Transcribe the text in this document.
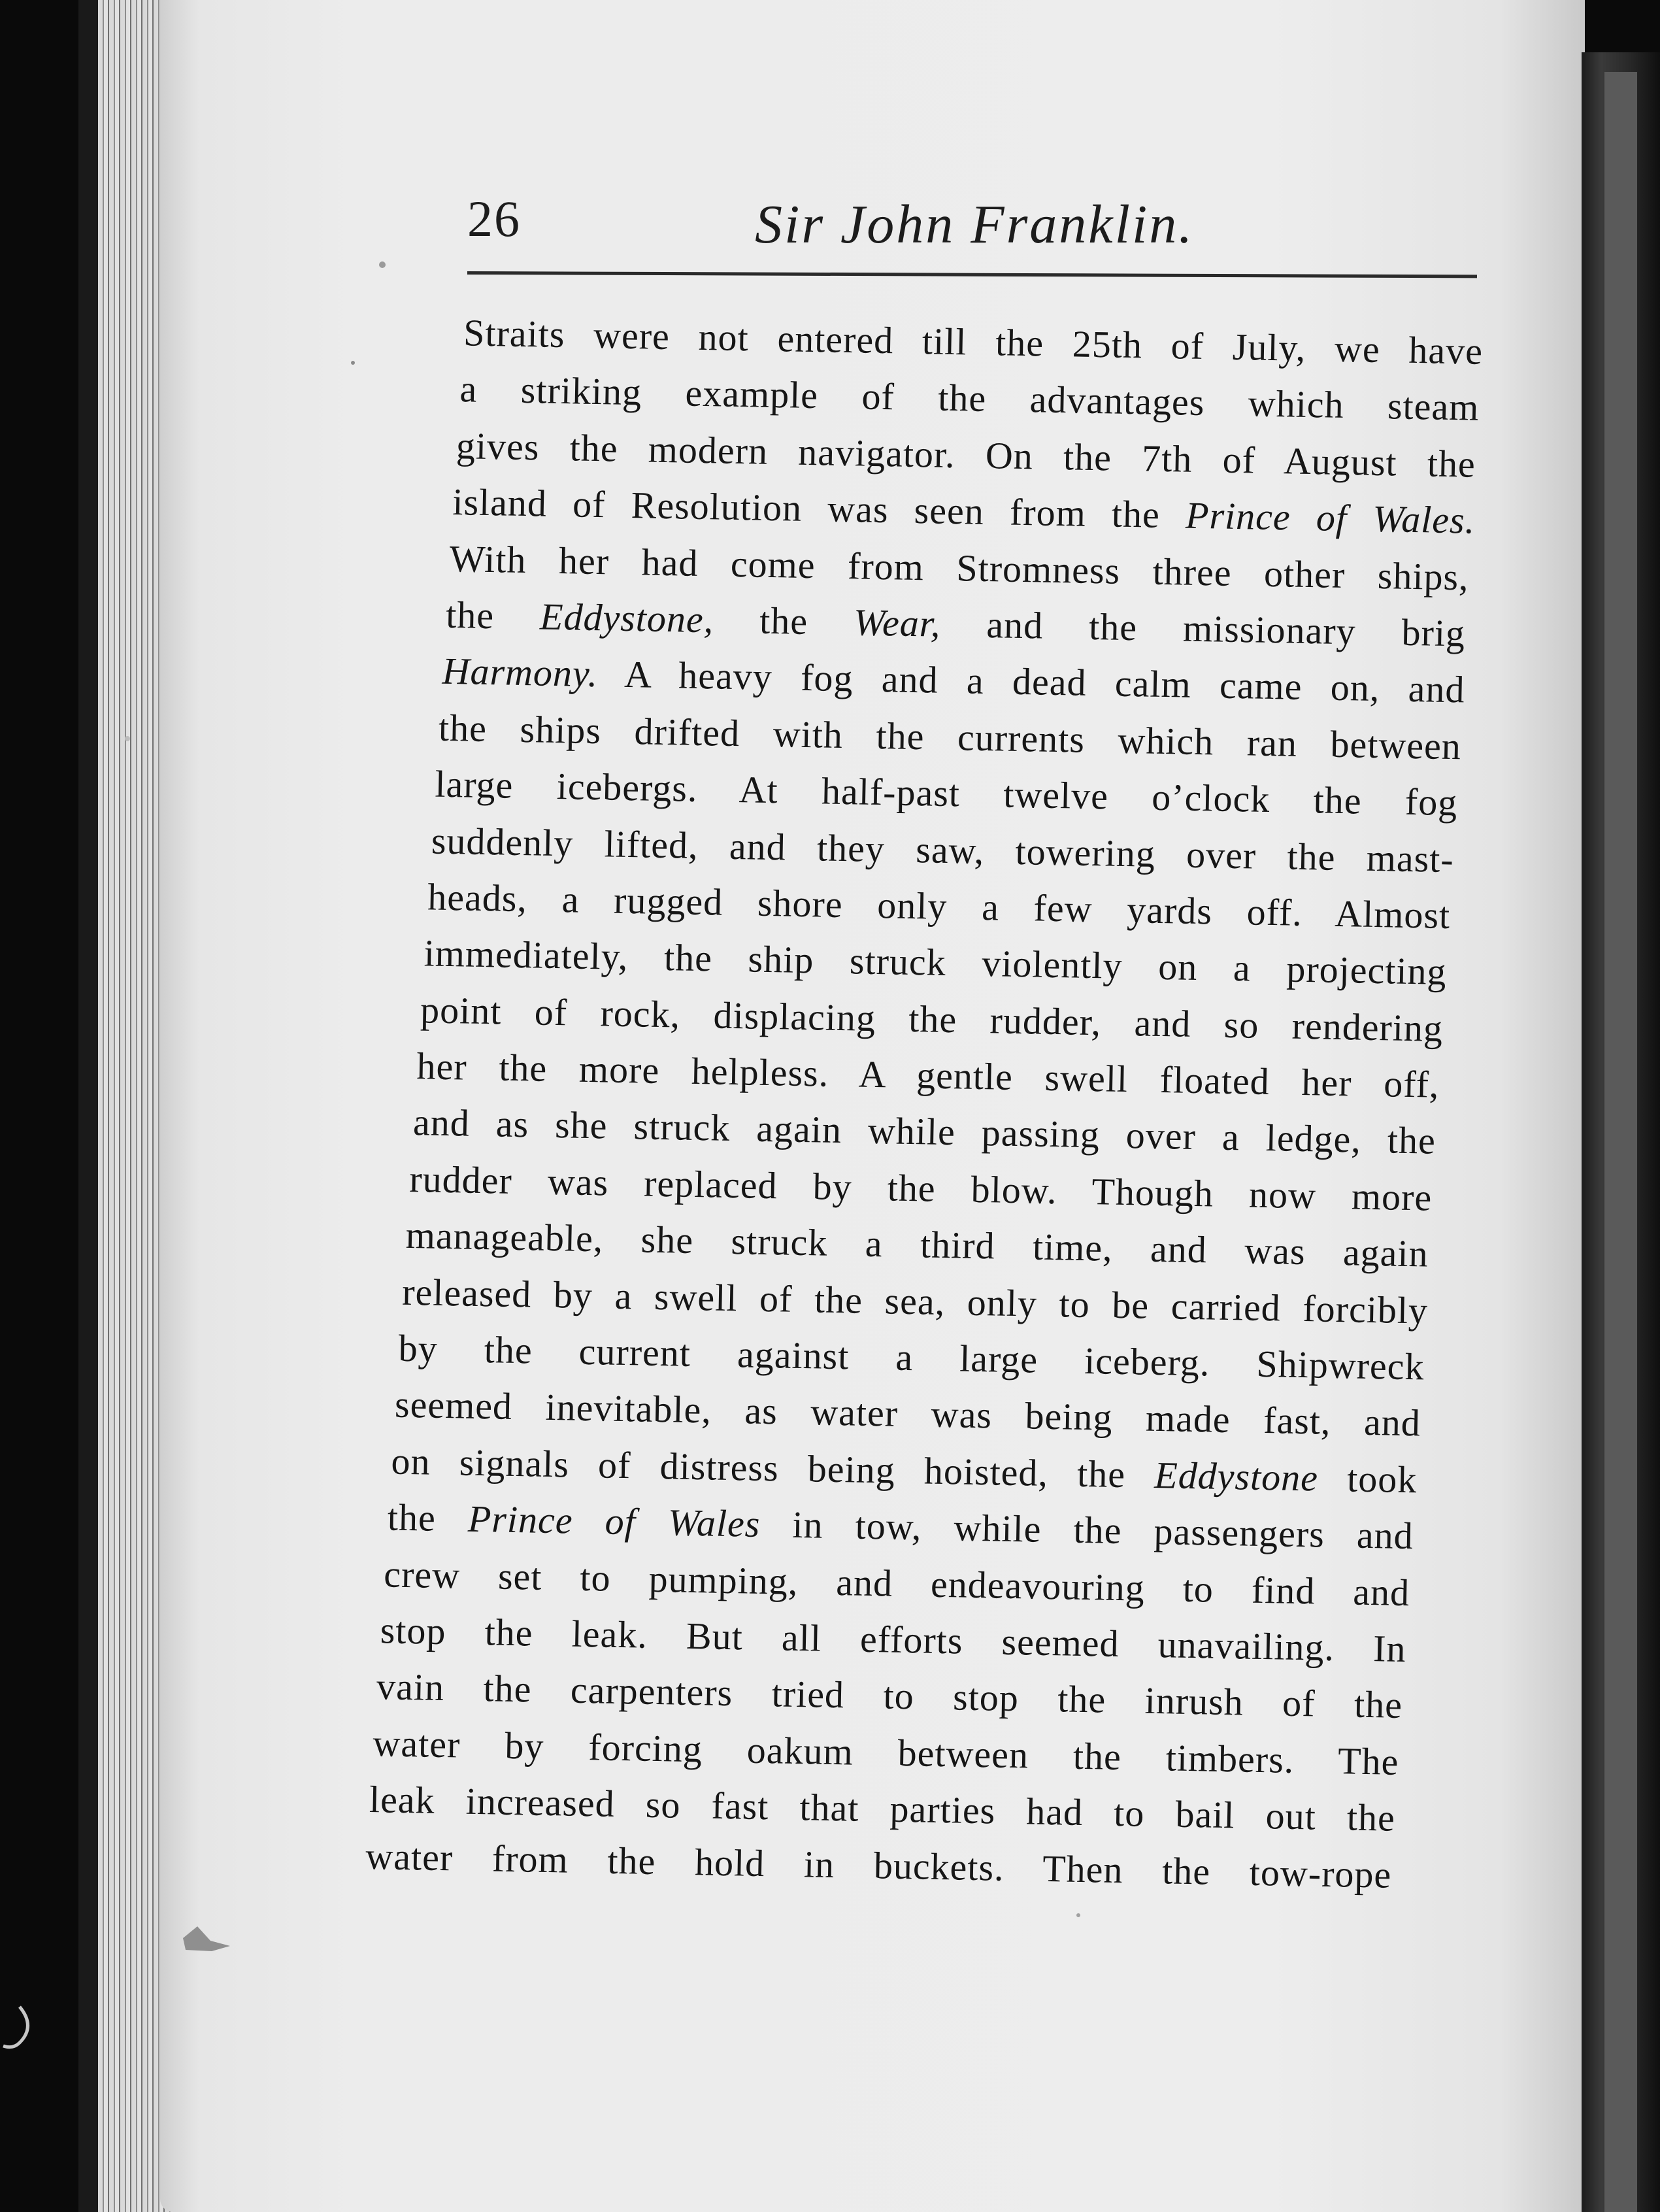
26	Sir John Franklin.
Straits were not entered till the 25th of July, we have
a striking example of the advantages which steam
gives the modern navigator. On the 7th of August the
island of Resolution was seen from the Prince of Wales.
With her had come from Stromness three other ships,
the Eddystone, the Wear, and the missionary brig
Harmony. A heavy fog and a dead calm came on, and
the ships drifted with the currents which ran between
large icebergs. At half-past twelve o’clock the fog
suddenly lifted, and they saw, towering over the mast-
heads, a rugged shore only a few yards off. Almost
immediately, the ship struck violently on a projecting
point of rock, displacing the rudder, and so rendering
her the more helpless. A gentle swell floated her off,
and as she struck again while passing over a ledge, the
rudder was replaced by the blow. Though now more
manageable, she struck a third time, and was again
released by a swell of the sea, only to be carried forcibly
by the current against a large iceberg. Shipwreck
seemed inevitable, as water was being made fast, and
on signals of distress being hoisted, the Eddystone took
the Prince of Wales in tow, while the passengers and
crew set to pumping, and endeavouring to find and
stop the leak. But all efforts seemed unavailing. In
vain the carpenters tried to stop the inrush of the
water by forcing oakum between the timbers. The
leak increased so fast that parties had to bail out the
water from the hold in buckets. Then the tow-rope
